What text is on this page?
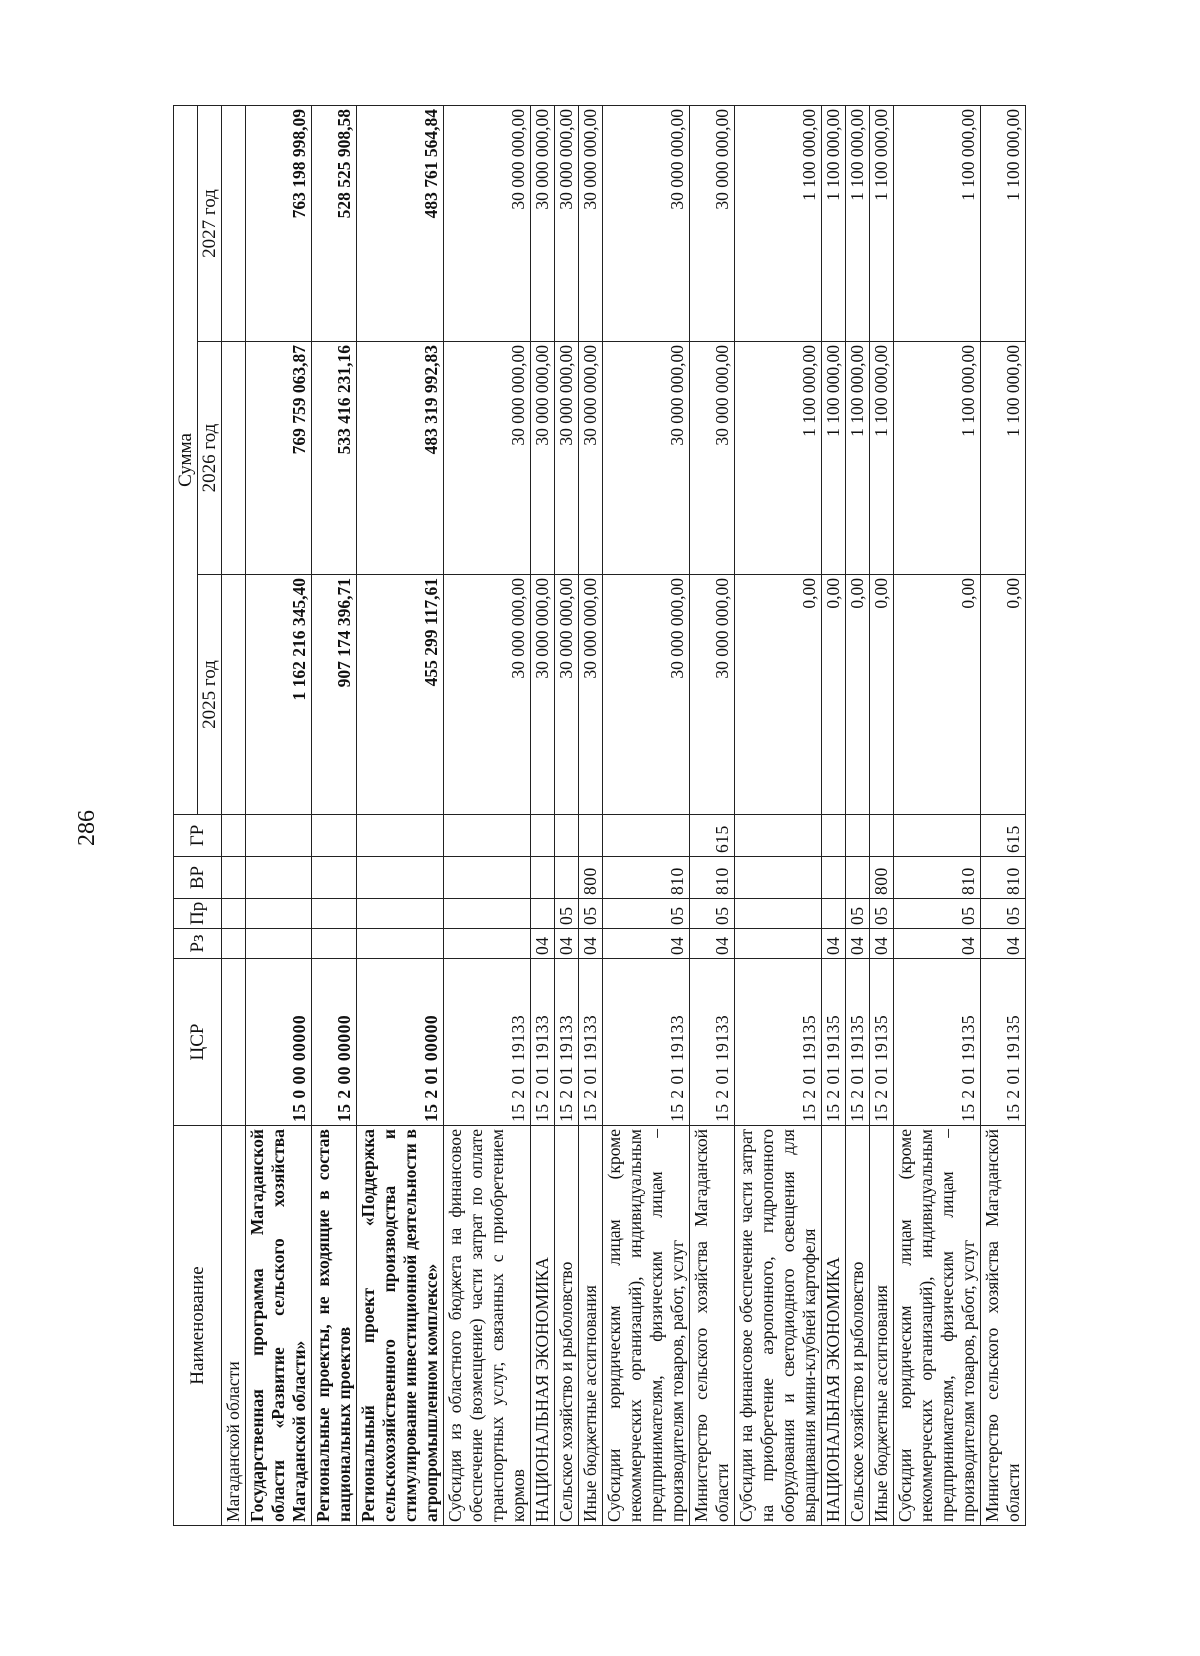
286
Наименование	ЦСР	Рз	Пр	ВР	ГР	Сумма		
						2025 год	2026 год	2027 год
Магаданской области								
Государственная программа Магаданской области «Развитие сельского хозяйства Магаданской области»	15 0 00 00000					1 162 216 345,40	769 759 063,87	763 198 998,09
Региональные проекты, не входящие в состав национальных проектов	15 2 00 00000					907 174 396,71	533 416 231,16	528 525 908,58
Региональный проект «Поддержка сельскохозяйственного производства и стимулирование инвестиционной деятельности в агропромышленном комплексе»	15 2 01 00000					455 299 117,61	483 319 992,83	483 761 564,84
Субсидия из областного бюджета на финансовое обеспечение (возмещение) части затрат по оплате транспортных услуг, связанных с приобретением кормов	15 2 01 19133					30 000 000,00	30 000 000,00	30 000 000,00
НАЦИОНАЛЬНАЯ ЭКОНОМИКА	15 2 01 19133	04				30 000 000,00	30 000 000,00	30 000 000,00
Сельское хозяйство и рыболовство	15 2 01 19133	04	05			30 000 000,00	30 000 000,00	30 000 000,00
Иные бюджетные ассигнования	15 2 01 19133	04	05	800		30 000 000,00	30 000 000,00	30 000 000,00
Субсидии юридическим лицам (кроме некоммерческих организаций), индивидуальным предпринимателям, физическим лицам – производителям товаров, работ, услуг	15 2 01 19133	04	05	810		30 000 000,00	30 000 000,00	30 000 000,00
Министерство сельского хозяйства Магаданской области	15 2 01 19133	04	05	810	615	30 000 000,00	30 000 000,00	30 000 000,00
Субсидии на финансовое обеспечение части затрат на приобретение аэропонного, гидропонного оборудования и светодиодного освещения для выращивания мини-клубней картофеля	15 2 01 19135					0,00	1 100 000,00	1 100 000,00
НАЦИОНАЛЬНАЯ ЭКОНОМИКА	15 2 01 19135	04				0,00	1 100 000,00	1 100 000,00
Сельское хозяйство и рыболовство	15 2 01 19135	04	05			0,00	1 100 000,00	1 100 000,00
Иные бюджетные ассигнования	15 2 01 19135	04	05	800		0,00	1 100 000,00	1 100 000,00
Субсидии юридическим лицам (кроме некоммерческих организаций), индивидуальным предпринимателям, физическим лицам – производителям товаров, работ, услуг	15 2 01 19135	04	05	810		0,00	1 100 000,00	1 100 000,00
Министерство сельского хозяйства Магаданской области	15 2 01 19135	04	05	810	615	0,00	1 100 000,00	1 100 000,00
